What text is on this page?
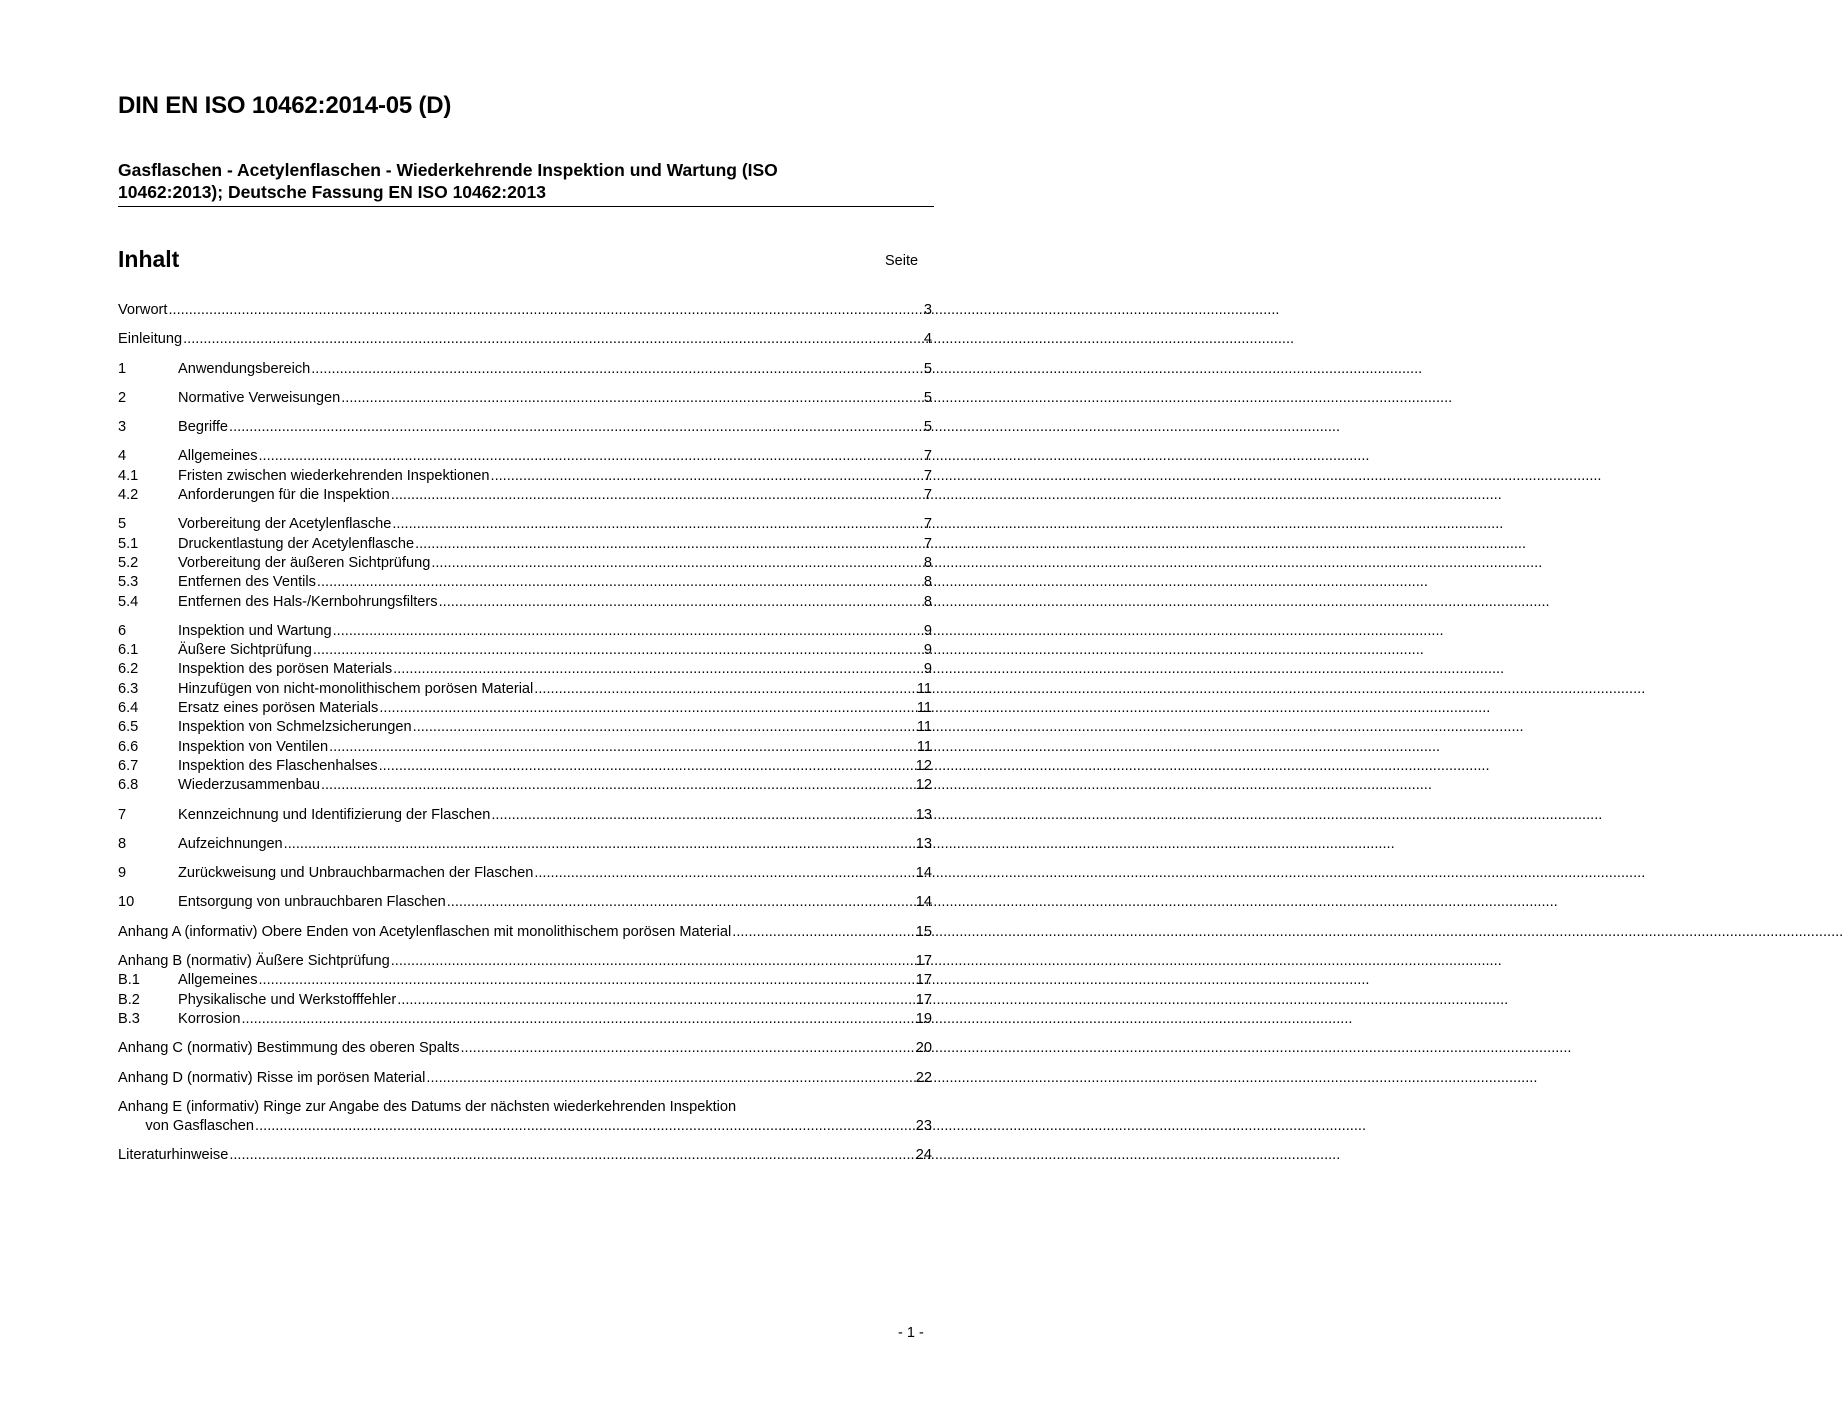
DIN EN ISO 10462:2014-05 (D)
Gasflaschen - Acetylenflaschen - Wiederkehrende Inspektion und Wartung (ISO
10462:2013); Deutsche Fassung EN ISO 10462:2013
Inhalt	Seite
Vorwort .....	3
Einleitung .....	4
1	Anwendungsbereich .....	5
2	Normative Verweisungen .....	5
3	Begriffe .....	5
4	Allgemeines .....	7
4.1	Fristen zwischen wiederkehrenden Inspektionen .....	7
4.2	Anforderungen für die Inspektion .....	7
5	Vorbereitung der Acetylenflasche .....	7
5.1	Druckentlastung der Acetylenflasche .....	7
5.2	Vorbereitung der äußeren Sichtprüfung .....	8
5.3	Entfernen des Ventils .....	8
5.4	Entfernen des Hals-/Kernbohrungsfilters .....	8
6	Inspektion und Wartung .....	9
6.1	Äußere Sichtprüfung .....	9
6.2	Inspektion des porösen Materials .....	9
6.3	Hinzufügen von nicht-monolithischem porösen Material .....	11
6.4	Ersatz eines porösen Materials .....	11
6.5	Inspektion von Schmelzsicherungen .....	11
6.6	Inspektion von Ventilen .....	11
6.7	Inspektion des Flaschenhalses .....	12
6.8	Wiederzusammenbau .....	12
7	Kennzeichnung und Identifizierung der Flaschen .....	13
8	Aufzeichnungen .....	13
9	Zurückweisung und Unbrauchbarmachen der Flaschen .....	14
10	Entsorgung von unbrauchbaren Flaschen .....	14
Anhang A (informativ) Obere Enden von Acetylenflaschen mit monolithischem porösen Material .....	15
Anhang B (normativ) Äußere Sichtprüfung .....	17
B.1	Allgemeines .....	17
B.2	Physikalische und Werkstofffehler .....	17
B.3	Korrosion .....	19
Anhang C (normativ) Bestimmung des oberen Spalts .....	20
Anhang D (normativ) Risse im porösen Material .....	22
Anhang E (informativ) Ringe zur Angabe des Datums der nächsten wiederkehrenden Inspektion
von Gasflaschen .....	23
Literaturhinweise .....	24
- 1 -
